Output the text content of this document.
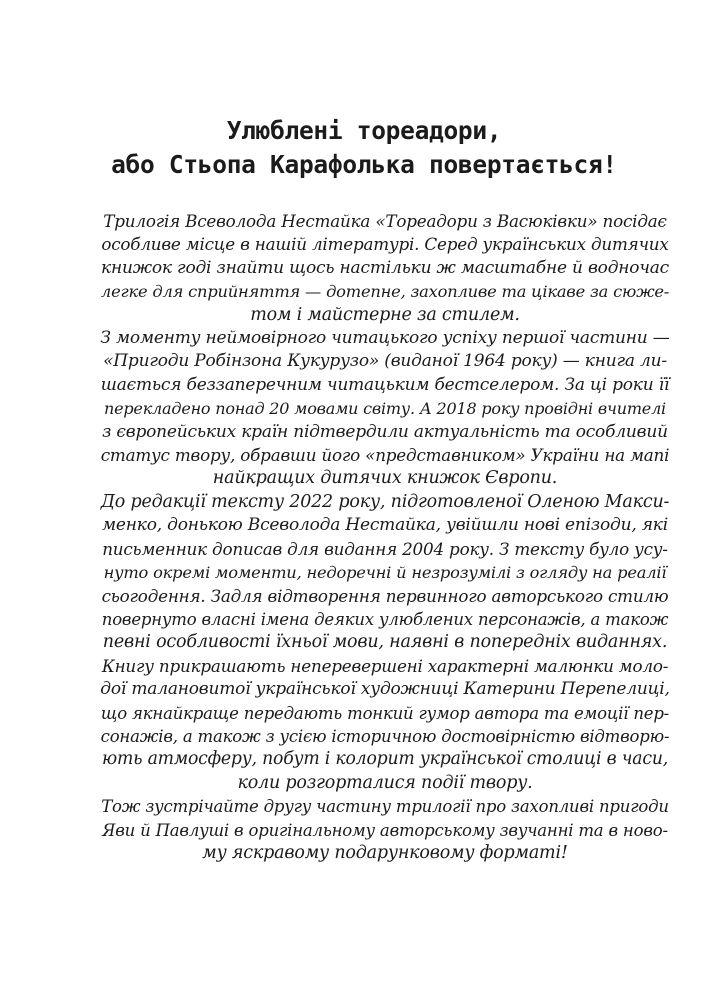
Улюблені тореадори,
або Стьопа Карафолька повертається!

Трилогія Всеволода Нестайка «Тореадори з Васюківки» посідає
особливе місце в нашій літературі. Серед українських дитячих
книжок годі знайти щось настільки ж масштабне й водночас
легке для сприйняття — дотепне, захопливе та цікаве за сюже-
том і майстерне за стилем.

З моменту неймовірного читацького успіху першої частини —
«Пригоди Робінзона Кукурузо» (виданої 1964 року) — книга ли-
шається беззаперечним читацьким бестселером. За ці роки її
перекладено понад 20 мовами світу. А 2018 року провідні вчителі
з європейських країн підтвердили актуальність та особливий
статус твору, обравши його «представником» України на мапі
найкращих дитячих книжок Європи.

До редакції тексту 2022 року, підготовленої Оленою Макси-
менко, донькою Всеволода Нестайка, увійшли нові епізоди, які
письменник дописав для видання 2004 року. З тексту було усу-
нуто окремі моменти, недоречні й незрозумілі з огляду на реалії
сьогодення. Задля відтворення первинного авторського стилю
повернуто власні імена деяких улюблених персонажів, а також
певні особливості їхньої мови, наявні в попередніх виданнях.

Книгу прикрашають неперевершені характерні малюнки моло-
дої талановитої української художниці Катерини Перепелиці,
що якнайкраще передають тонкий гумор автора та емоції пер-
сонажів, а також з усією історичною достовірністю відтворю-
ють атмосферу, побут і колорит української столиці в часи,
коли розгорталися події твору.

Тож зустрічайте другу частину трилогії про захопливі пригоди
Яви й Павлуші в оригінальному авторському звучанні та в ново-
му яскравому подарунковому форматі!
